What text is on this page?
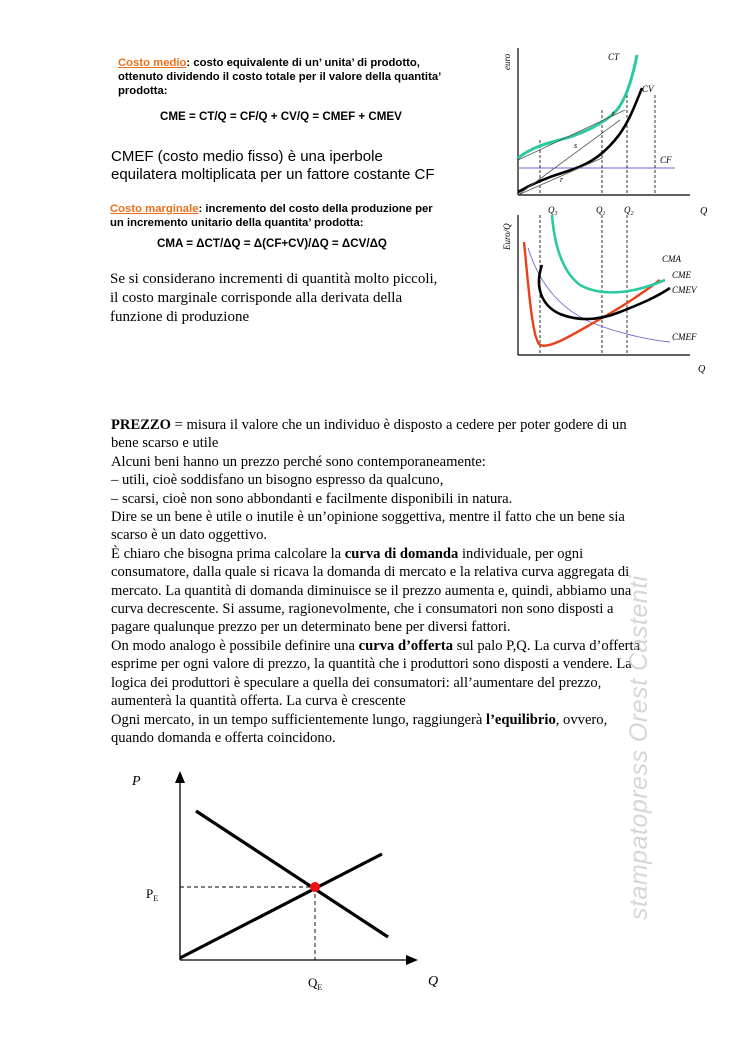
Costo medio: costo equivalente di un’ unita’ di prodotto,
ottenuto dividendo il costo totale per il valore della quantita’
prodotta:
CME = CT/Q = CF/Q + CV/Q = CMEF + CMEV
CMEF (costo medio fisso) è una iperbole
equilatera moltiplicata per un fattore costante CF
Costo marginale: incremento del costo della produzione per
un incremento unitario della quantita’ prodotta:
CMA = ΔCT/ΔQ = Δ(CF+CV)/ΔQ = ΔCV/ΔQ
Se si considerano incrementi di quantità molto piccoli,
il costo marginale corrisponde alla derivata della
funzione di produzione
euro
Q
CF
CT
CV
t
s
r
$Q_3$	$Q_1$ $Q_2$
Euro/Q
Q
CMEF
CMA
CME
CMEV
PREZZO = misura il valore che un individuo è disposto a cedere per poter godere di un
bene scarso e utile
Alcuni beni hanno un prezzo perché sono contemporaneamente:
– utili, cioè soddisfano un bisogno espresso da qualcuno,
– scarsi, cioè non sono abbondanti e facilmente disponibili in natura.
Dire se un bene è utile o inutile è un’opinione soggettiva, mentre il fatto che un bene sia
scarso è un dato oggettivo.
È chiaro che bisogna prima calcolare la curva di domanda individuale, per ogni
consumatore, dalla quale si ricava la domanda di mercato e la relativa curva aggregata di
mercato. La quantità di domanda diminuisce se il prezzo aumenta e, quindi, abbiamo una
curva decrescente. Si assume, ragionevolmente, che i consumatori non sono disposti a
pagare qualunque prezzo per un determinato bene per diversi fattori.
On modo analogo è possibile definire una curva d’offerta sul palo P,Q. La curva d’offerta
esprime per ogni valore di prezzo, la quantità che i produttori sono disposti a vendere. La
logica dei produttori è speculare a quella dei consumatori: all’aumentare del prezzo,
aumenterà la quantità offerta. La curva è crescente
Ogni mercato, in un tempo sufficientemente lungo, raggiungerà l’equilibrio, ovvero,
quando domanda e offerta coincidono.
P
Q
$P_E$
$Q_E$
stampatopress Orest Castenti
